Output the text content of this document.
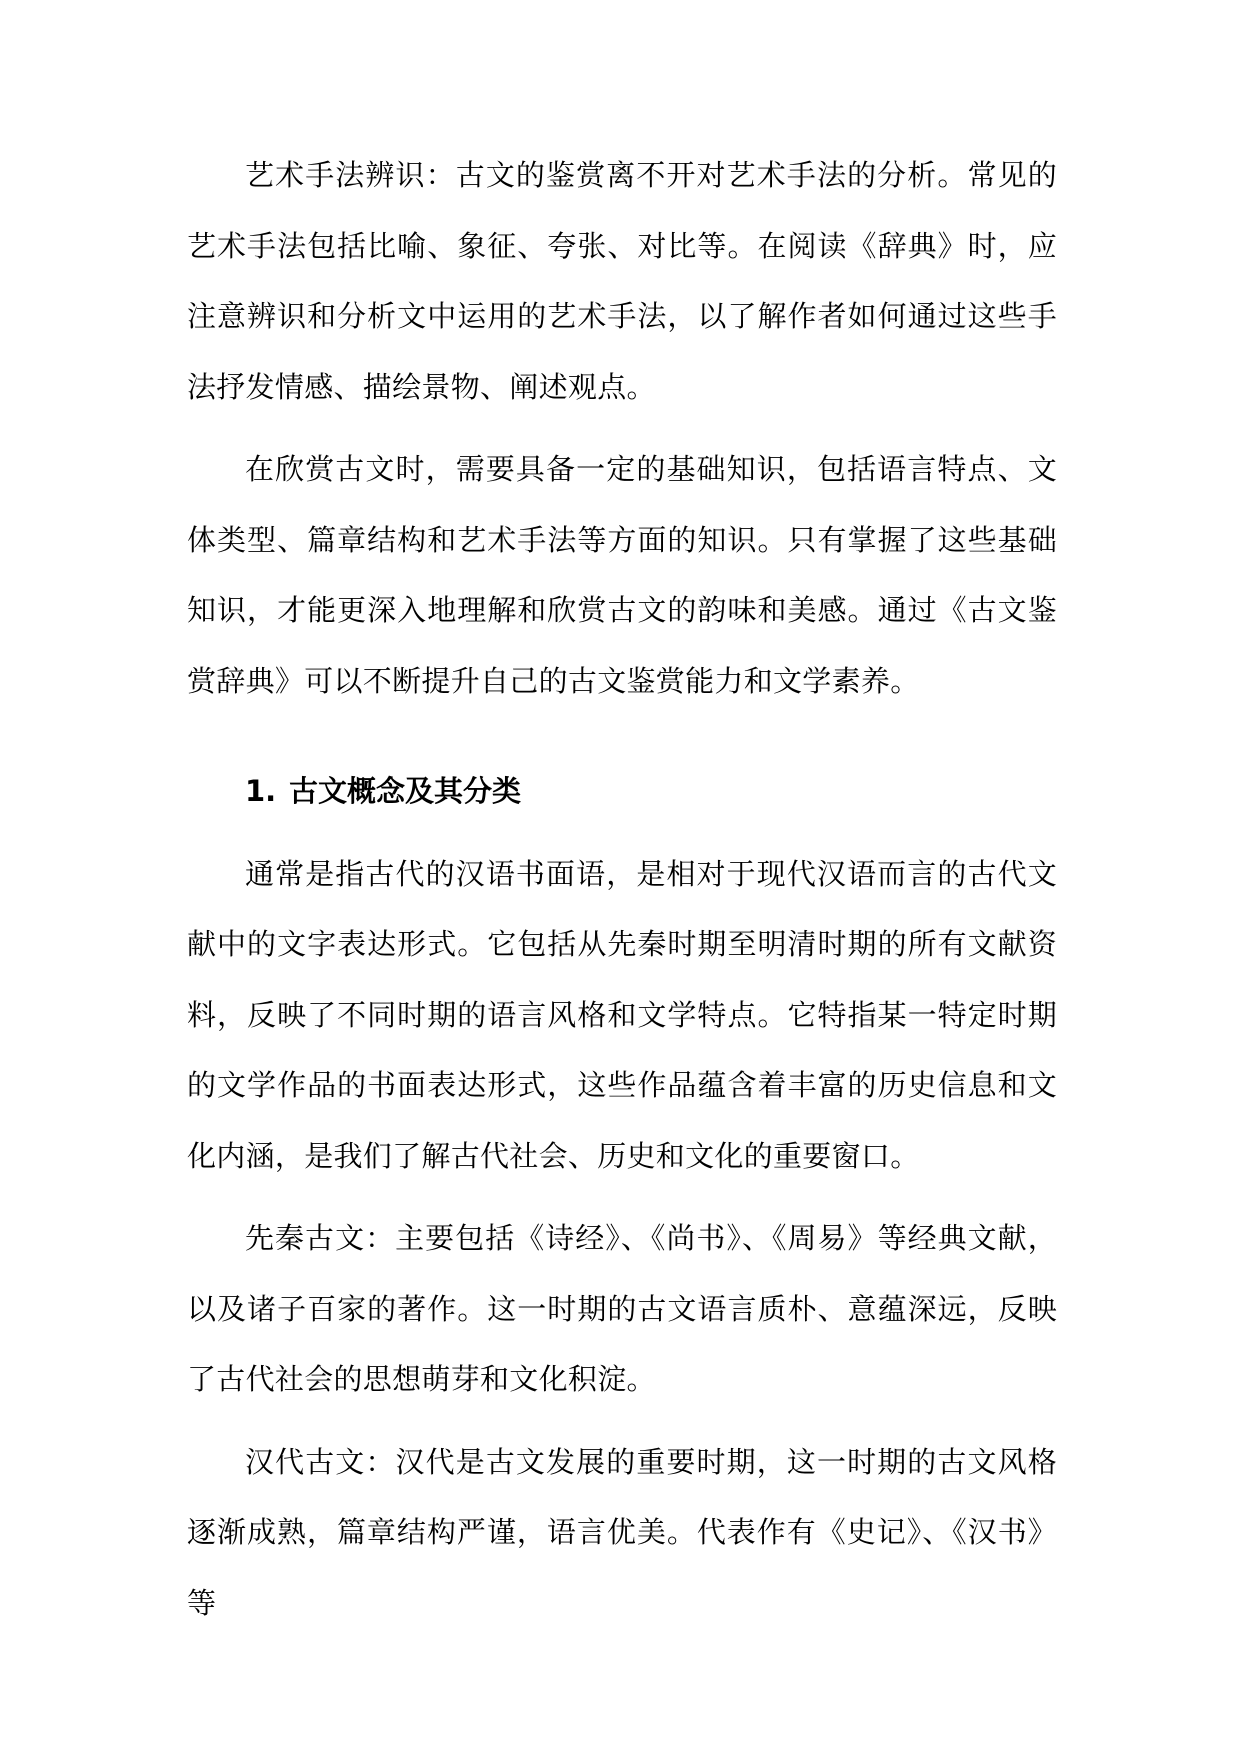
艺术手法辨识：古文的鉴赏离不开对艺术手法的分析。常见的艺术手法包括比喻、象征、夸张、对比等。在阅读《辞典》时，应注意辨识和分析文中运用的艺术手法，以了解作者如何通过这些手法抒发情感、描绘景物、阐述观点。

在欣赏古文时，需要具备一定的基础知识，包括语言特点、文体类型、篇章结构和艺术手法等方面的知识。只有掌握了这些基础知识，才能更深入地理解和欣赏古文的韵味和美感。通过《古文鉴赏辞典》可以不断提升自己的古文鉴赏能力和文学素养。

1. 古文概念及其分类

通常是指古代的汉语书面语，是相对于现代汉语而言的古代文献中的文字表达形式。它包括从先秦时期至明清时期的所有文献资料，反映了不同时期的语言风格和文学特点。它特指某一特定时期的文学作品的书面表达形式，这些作品蕴含着丰富的历史信息和文化内涵，是我们了解古代社会、历史和文化的重要窗口。

先秦古文：主要包括《诗经》、《尚书》、《周易》等经典文献，以及诸子百家的著作。这一时期的古文语言质朴、意蕴深远，反映了古代社会的思想萌芽和文化积淀。

汉代古文：汉代是古文发展的重要时期，这一时期的古文风格逐渐成熟，篇章结构严谨，语言优美。代表作有《史记》、《汉书》等
